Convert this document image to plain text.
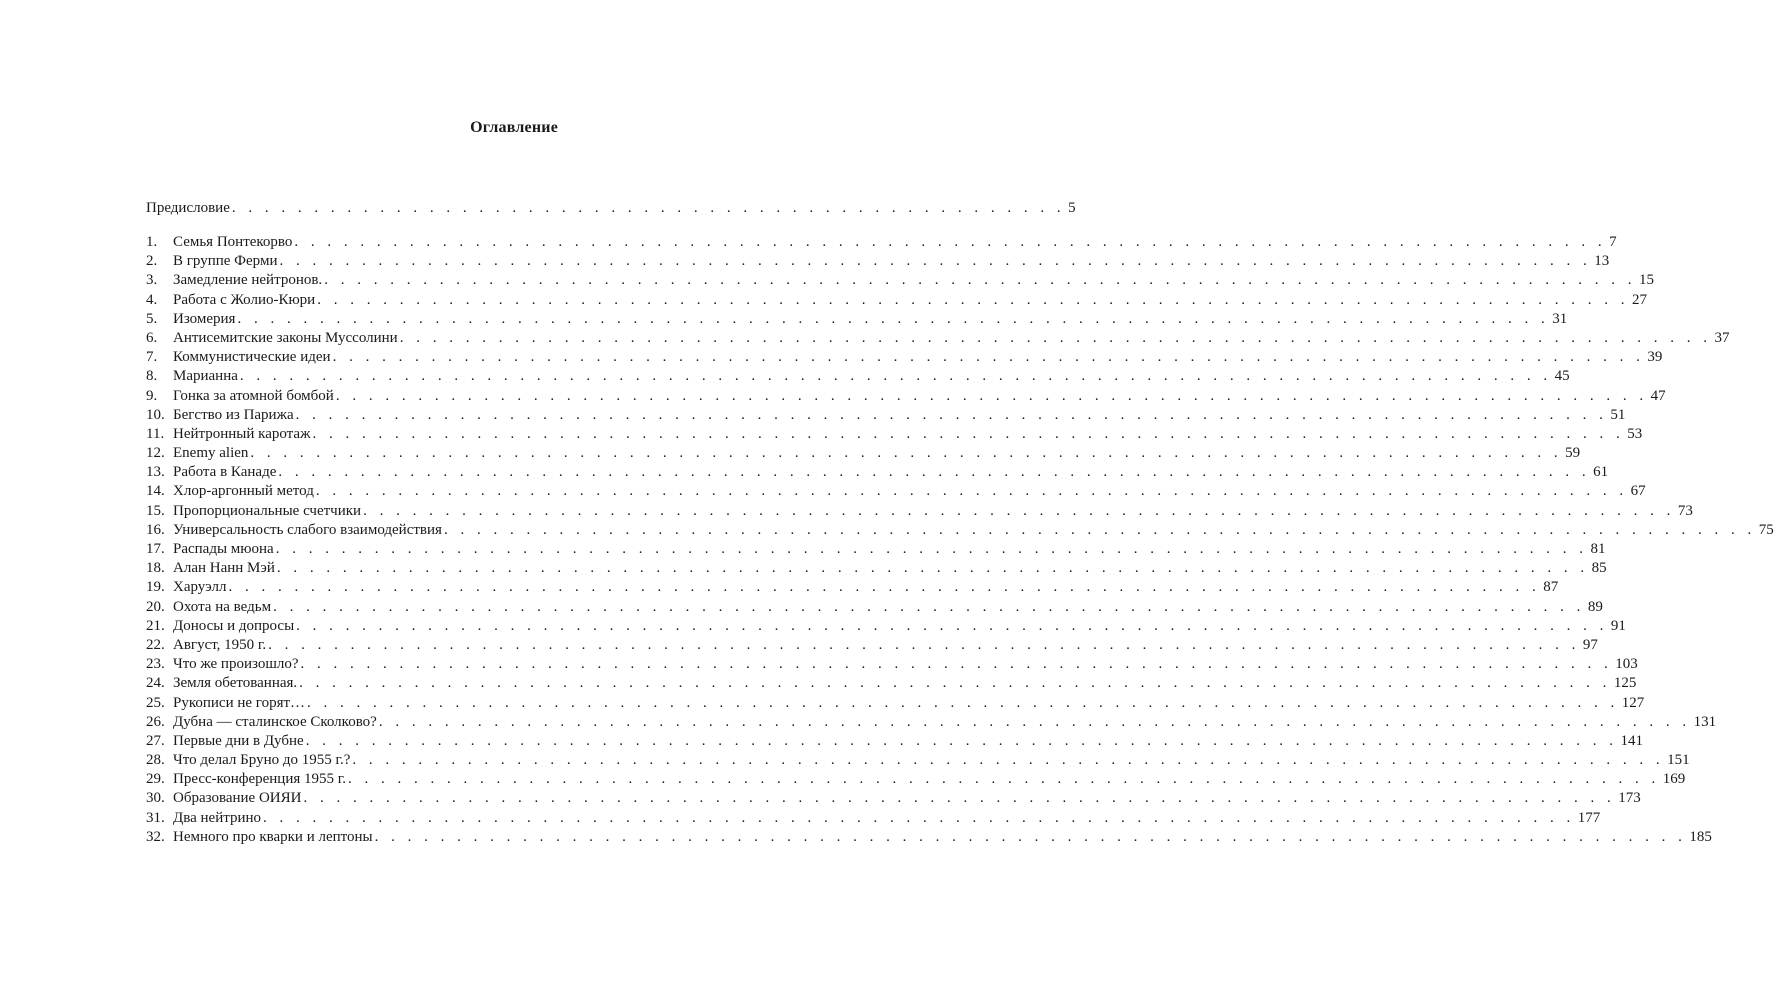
Оглавление
Предисловие . . . . . . . . . . . . . . . . . . . . . . . . . . . . . . . . . . . . . . . . . . . . . . . . . . . 5
1.	Семья Понтекорво . . . . . . . . . . . . . . . . . . . . . . . . . . . . . . . . . . . . . . . . . . . . . . . . . . . . . . . . . . . . . . . . . . . . . . . . . . . . . . . . 7
2.	В группе Ферми . . . . . . . . . . . . . . . . . . . . . . . . . . . . . . . . . . . . . . . . . . . . . . . . . . . . . . . . . . . . . . . . . . . . . . . . . . . . . . . . 13
3.	Замедление нейтронов. . . . . . . . . . . . . . . . . . . . . . . . . . . . . . . . . . . . . . . . . . . . . . . . . . . . . . . . . . . . . . . . . . . . . . . . . . . . . . . . . 15
4.	Работа с Жолио-Кюри . . . . . . . . . . . . . . . . . . . . . . . . . . . . . . . . . . . . . . . . . . . . . . . . . . . . . . . . . . . . . . . . . . . . . . . . . . . . . . . . 27
5.	Изомерия . . . . . . . . . . . . . . . . . . . . . . . . . . . . . . . . . . . . . . . . . . . . . . . . . . . . . . . . . . . . . . . . . . . . . . . . . . . . . . . . 31
6.	Антисемитские законы Муссолини . . . . . . . . . . . . . . . . . . . . . . . . . . . . . . . . . . . . . . . . . . . . . . . . . . . . . . . . . . . . . . . . . . . . . . . . . . . . . . . . 37
7.	Коммунистические идеи . . . . . . . . . . . . . . . . . . . . . . . . . . . . . . . . . . . . . . . . . . . . . . . . . . . . . . . . . . . . . . . . . . . . . . . . . . . . . . . . 39
8.	Марианна . . . . . . . . . . . . . . . . . . . . . . . . . . . . . . . . . . . . . . . . . . . . . . . . . . . . . . . . . . . . . . . . . . . . . . . . . . . . . . . . 45
9.	Гонка за атомной бомбой . . . . . . . . . . . . . . . . . . . . . . . . . . . . . . . . . . . . . . . . . . . . . . . . . . . . . . . . . . . . . . . . . . . . . . . . . . . . . . . . 47
10. Бегство из Парижа . . . . . . . . . . . . . . . . . . . . . . . . . . . . . . . . . . . . . . . . . . . . . . . . . . . . . . . . . . . . . . . . . . . . . . . . . . . . . . . . 51
11. Нейтронный каротаж . . . . . . . . . . . . . . . . . . . . . . . . . . . . . . . . . . . . . . . . . . . . . . . . . . . . . . . . . . . . . . . . . . . . . . . . . . . . . . . . 53
12. Enemy alien . . . . . . . . . . . . . . . . . . . . . . . . . . . . . . . . . . . . . . . . . . . . . . . . . . . . . . . . . . . . . . . . . . . . . . . . . . . . . . . . 59
13. Работа в Канаде . . . . . . . . . . . . . . . . . . . . . . . . . . . . . . . . . . . . . . . . . . . . . . . . . . . . . . . . . . . . . . . . . . . . . . . . . . . . . . . . 61
14. Хлор-аргонный метод . . . . . . . . . . . . . . . . . . . . . . . . . . . . . . . . . . . . . . . . . . . . . . . . . . . . . . . . . . . . . . . . . . . . . . . . . . . . . . . . 67
15. Пропорциональные счетчики . . . . . . . . . . . . . . . . . . . . . . . . . . . . . . . . . . . . . . . . . . . . . . . . . . . . . . . . . . . . . . . . . . . . . . . . . . . . . . . . 73
16. Универсальность слабого взаимодействия . . . . . . . . . . . . . . . . . . . . . . . . . . . . . . . . . . . . . . . . . . . . . . . . . . . . . . . . . . . . . . . . . . . . . . . . . . . . . . . . 75
17. Распады мюона . . . . . . . . . . . . . . . . . . . . . . . . . . . . . . . . . . . . . . . . . . . . . . . . . . . . . . . . . . . . . . . . . . . . . . . . . . . . . . . . 81
18. Алан Нанн Мэй . . . . . . . . . . . . . . . . . . . . . . . . . . . . . . . . . . . . . . . . . . . . . . . . . . . . . . . . . . . . . . . . . . . . . . . . . . . . . . . . 85
19. Харуэлл . . . . . . . . . . . . . . . . . . . . . . . . . . . . . . . . . . . . . . . . . . . . . . . . . . . . . . . . . . . . . . . . . . . . . . . . . . . . . . . . 87
20. Охота на ведьм . . . . . . . . . . . . . . . . . . . . . . . . . . . . . . . . . . . . . . . . . . . . . . . . . . . . . . . . . . . . . . . . . . . . . . . . . . . . . . . . 89
21. Доносы и допросы . . . . . . . . . . . . . . . . . . . . . . . . . . . . . . . . . . . . . . . . . . . . . . . . . . . . . . . . . . . . . . . . . . . . . . . . . . . . . . . . 91
22. Август, 1950 г. . . . . . . . . . . . . . . . . . . . . . . . . . . . . . . . . . . . . . . . . . . . . . . . . . . . . . . . . . . . . . . . . . . . . . . . . . . . . . . . . 97
23. Что же произошло? . . . . . . . . . . . . . . . . . . . . . . . . . . . . . . . . . . . . . . . . . . . . . . . . . . . . . . . . . . . . . . . . . . . . . . . . . . . . . . . . 103
24. Земля обетованная. . . . . . . . . . . . . . . . . . . . . . . . . . . . . . . . . . . . . . . . . . . . . . . . . . . . . . . . . . . . . . . . . . . . . . . . . . . . . . . . . 125
25. Рукописи не горят… . . . . . . . . . . . . . . . . . . . . . . . . . . . . . . . . . . . . . . . . . . . . . . . . . . . . . . . . . . . . . . . . . . . . . . . . . . . . . . . . 127
26. Дубна — сталинское Сколково? . . . . . . . . . . . . . . . . . . . . . . . . . . . . . . . . . . . . . . . . . . . . . . . . . . . . . . . . . . . . . . . . . . . . . . . . . . . . . . . . 131
27. Первые дни в Дубне . . . . . . . . . . . . . . . . . . . . . . . . . . . . . . . . . . . . . . . . . . . . . . . . . . . . . . . . . . . . . . . . . . . . . . . . . . . . . . . . 141
28. Что делал Бруно до 1955 г.? . . . . . . . . . . . . . . . . . . . . . . . . . . . . . . . . . . . . . . . . . . . . . . . . . . . . . . . . . . . . . . . . . . . . . . . . . . . . . . . . 151
29. Пресс-конференция 1955 г. . . . . . . . . . . . . . . . . . . . . . . . . . . . . . . . . . . . . . . . . . . . . . . . . . . . . . . . . . . . . . . . . . . . . . . . . . . . . . . . . 169
30. Образование ОИЯИ . . . . . . . . . . . . . . . . . . . . . . . . . . . . . . . . . . . . . . . . . . . . . . . . . . . . . . . . . . . . . . . . . . . . . . . . . . . . . . . . 173
31. Два нейтрино . . . . . . . . . . . . . . . . . . . . . . . . . . . . . . . . . . . . . . . . . . . . . . . . . . . . . . . . . . . . . . . . . . . . . . . . . . . . . . . . 177
32. Немного про кварки и лептоны . . . . . . . . . . . . . . . . . . . . . . . . . . . . . . . . . . . . . . . . . . . . . . . . . . . . . . . . . . . . . . . . . . . . . . . . . . . . . . . . 185
